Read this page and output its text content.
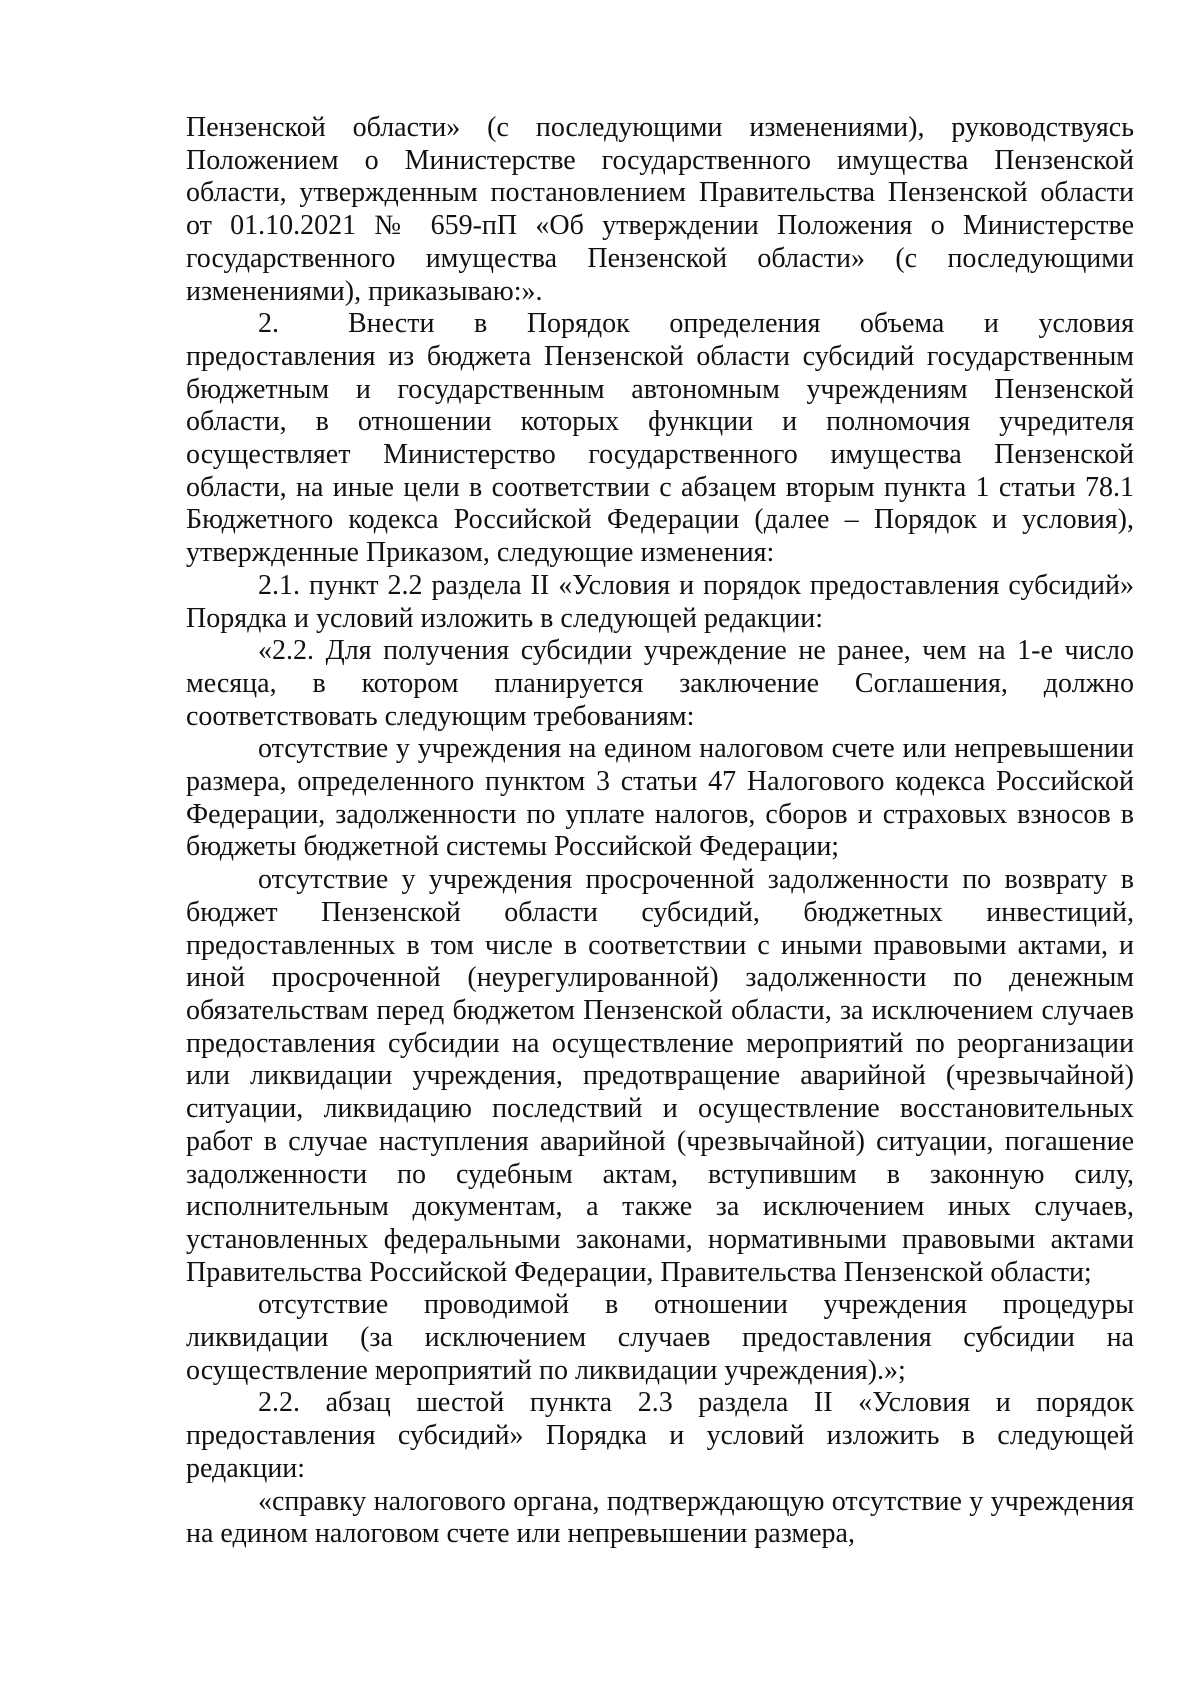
Пензенской области» (с последующими изменениями), руководствуясь Положением о Министерстве государственного имущества Пензенской области, утвержденным постановлением Правительства Пензенской области от 01.10.2021 № 659-пП «Об утверждении Положения о Министерстве государственного имущества Пензенской области» (с последующими изменениями), приказываю:».

2. Внести в Порядок определения объема и условия предоставления из бюджета Пензенской области субсидий государственным бюджетным и государственным автономным учреждениям Пензенской области, в отношении которых функции и полномочия учредителя осуществляет Министерство государственного имущества Пензенской области, на иные цели в соответствии с абзацем вторым пункта 1 статьи 78.1 Бюджетного кодекса Российской Федерации (далее – Порядок и условия), утвержденные Приказом, следующие изменения:

2.1. пункт 2.2 раздела II «Условия и порядок предоставления субсидий» Порядка и условий изложить в следующей редакции:

«2.2. Для получения субсидии учреждение не ранее, чем на 1-е число месяца, в котором планируется заключение Соглашения, должно соответствовать следующим требованиям:

отсутствие у учреждения на едином налоговом счете или непревышении размера, определенного пунктом 3 статьи 47 Налогового кодекса Российской Федерации, задолженности по уплате налогов, сборов и страховых взносов в бюджеты бюджетной системы Российской Федерации;

отсутствие у учреждения просроченной задолженности по возврату в бюджет Пензенской области субсидий, бюджетных инвестиций, предоставленных в том числе в соответствии с иными правовыми актами, и иной просроченной (неурегулированной) задолженности по денежным обязательствам перед бюджетом Пензенской области, за исключением случаев предоставления субсидии на осуществление мероприятий по реорганизации или ликвидации учреждения, предотвращение аварийной (чрезвычайной) ситуации, ликвидацию последствий и осуществление восстановительных работ в случае наступления аварийной (чрезвычайной) ситуации, погашение задолженности по судебным актам, вступившим в законную силу, исполнительным документам, а также за исключением иных случаев, установленных федеральными законами, нормативными правовыми актами Правительства Российской Федерации, Правительства Пензенской области;

отсутствие проводимой в отношении учреждения процедуры ликвидации (за исключением случаев предоставления субсидии на осуществление мероприятий по ликвидации учреждения).»;

2.2. абзац шестой пункта 2.3 раздела II «Условия и порядок предоставления субсидий» Порядка и условий изложить в следующей редакции:

«справку налогового органа, подтверждающую отсутствие у учреждения на едином налоговом счете или непревышении размера,
